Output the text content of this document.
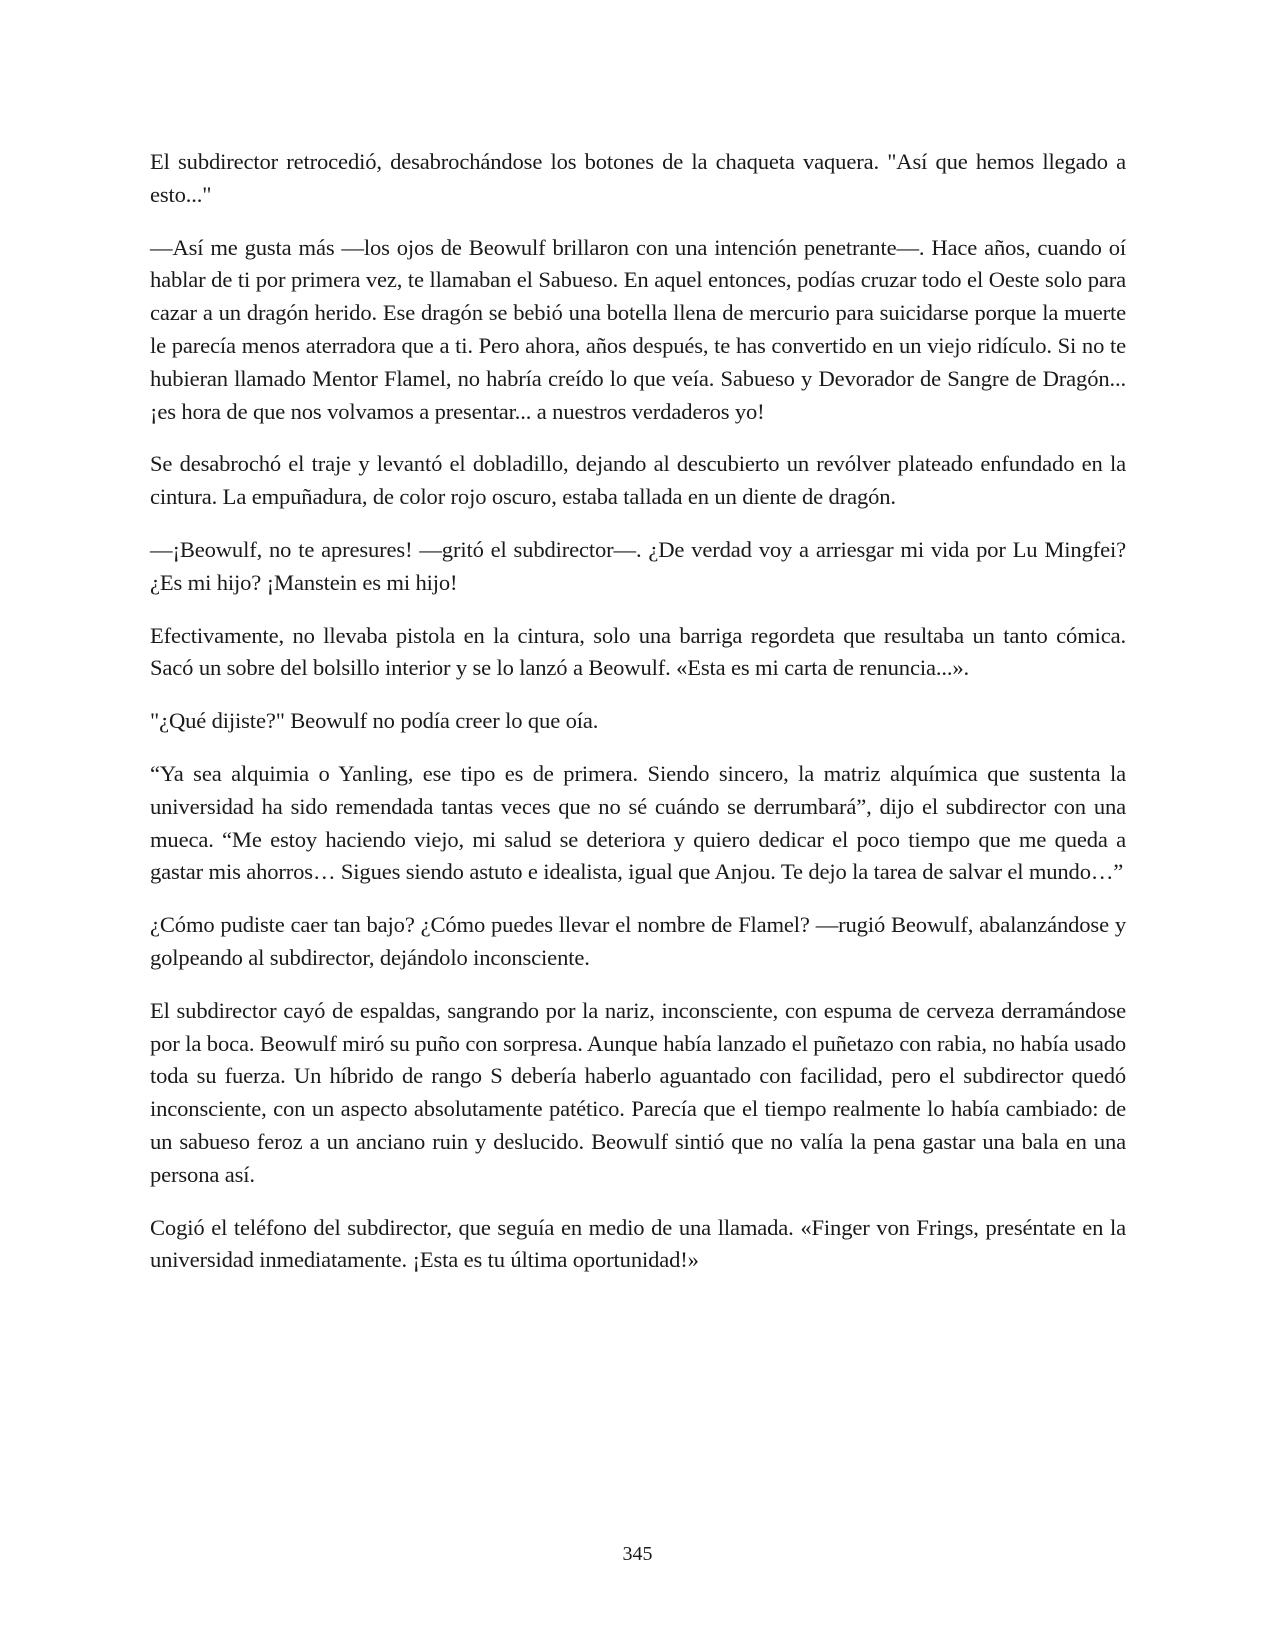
El subdirector retrocedió, desabrochándose los botones de la chaqueta vaquera. "Así que hemos llegado a esto..."

—Así me gusta más —los ojos de Beowulf brillaron con una intención penetrante—. Hace años, cuando oí hablar de ti por primera vez, te llamaban el Sabueso. En aquel entonces, podías cruzar todo el Oeste solo para cazar a un dragón herido. Ese dragón se bebió una botella llena de mercurio para suicidarse porque la muerte le parecía menos aterradora que a ti. Pero ahora, años después, te has convertido en un viejo ridículo. Si no te hubieran llamado Mentor Flamel, no habría creído lo que veía. Sabueso y Devorador de Sangre de Dragón... ¡es hora de que nos volvamos a presentar... a nuestros verdaderos yo!

Se desabrochó el traje y levantó el dobladillo, dejando al descubierto un revólver plateado enfundado en la cintura. La empuñadura, de color rojo oscuro, estaba tallada en un diente de dragón.

—¡Beowulf, no te apresures! —gritó el subdirector—. ¿De verdad voy a arriesgar mi vida por Lu Mingfei? ¿Es mi hijo? ¡Manstein es mi hijo!

Efectivamente, no llevaba pistola en la cintura, solo una barriga regordeta que resultaba un tanto cómica. Sacó un sobre del bolsillo interior y se lo lanzó a Beowulf. «Esta es mi carta de renuncia...».

"¿Qué dijiste?" Beowulf no podía creer lo que oía.

“Ya sea alquimia o Yanling, ese tipo es de primera. Siendo sincero, la matriz alquímica que sustenta la universidad ha sido remendada tantas veces que no sé cuándo se derrumbará”, dijo el subdirector con una mueca. “Me estoy haciendo viejo, mi salud se deteriora y quiero dedicar el poco tiempo que me queda a gastar mis ahorros… Sigues siendo astuto e idealista, igual que Anjou. Te dejo la tarea de salvar el mundo…”

¿Cómo pudiste caer tan bajo? ¿Cómo puedes llevar el nombre de Flamel? —rugió Beowulf, abalanzándose y golpeando al subdirector, dejándolo inconsciente.

El subdirector cayó de espaldas, sangrando por la nariz, inconsciente, con espuma de cerveza derramándose por la boca. Beowulf miró su puño con sorpresa. Aunque había lanzado el puñetazo con rabia, no había usado toda su fuerza. Un híbrido de rango S debería haberlo aguantado con facilidad, pero el subdirector quedó inconsciente, con un aspecto absolutamente patético. Parecía que el tiempo realmente lo había cambiado: de un sabueso feroz a un anciano ruin y deslucido. Beowulf sintió que no valía la pena gastar una bala en una persona así.

Cogió el teléfono del subdirector, que seguía en medio de una llamada. «Finger von Frings, preséntate en la universidad inmediatamente. ¡Esta es tu última oportunidad!»

345
